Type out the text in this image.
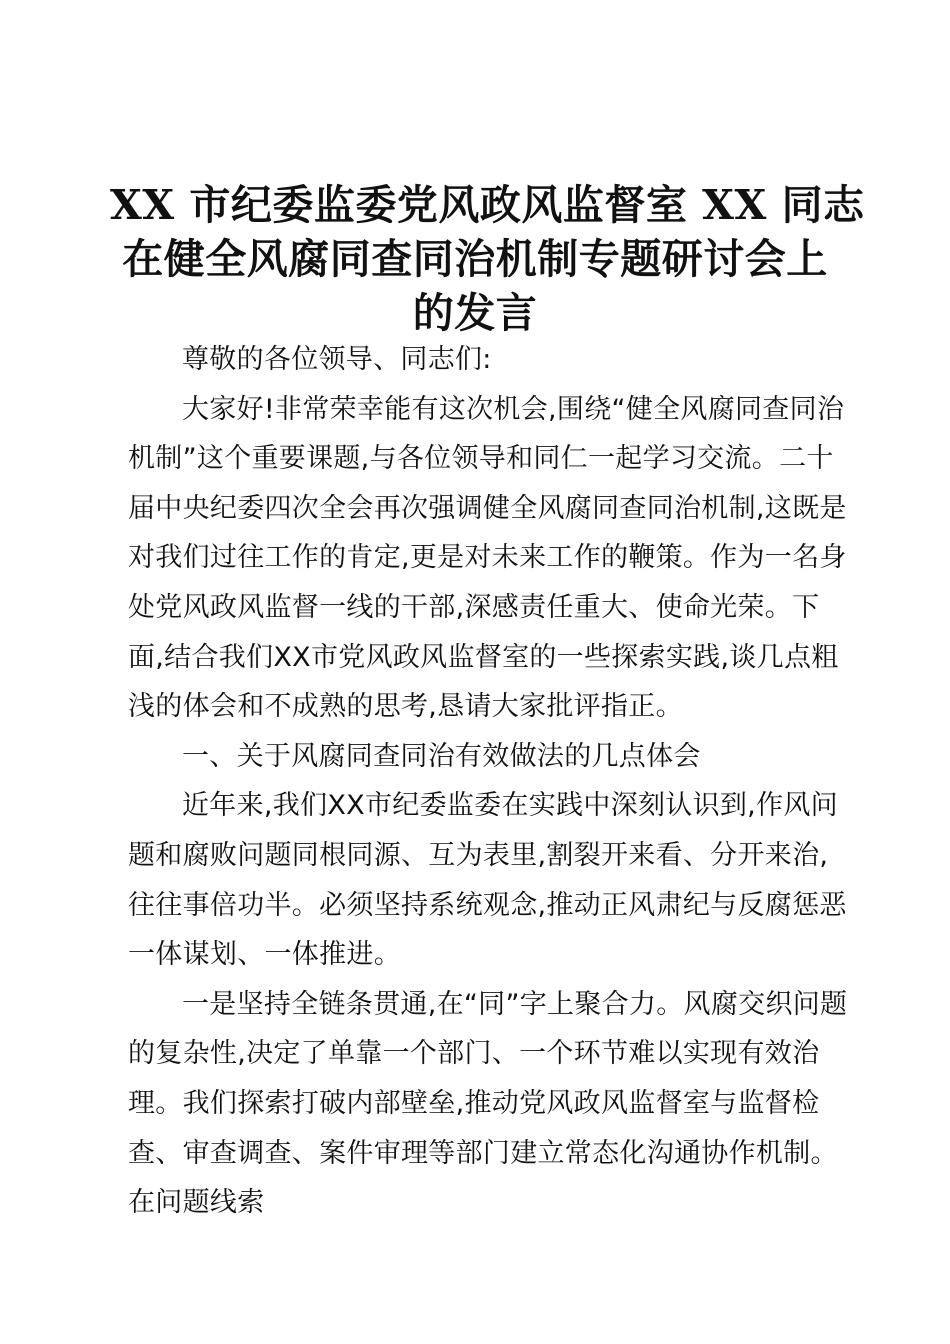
XX 市纪委监委党风政风监督室 XX 同志
在健全风腐同查同治机制专题研讨会上
的发言

尊敬的各位领导、同志们:

大家好!非常荣幸能有这次机会,围绕“健全风腐同查同治机制”这个重要课题,与各位领导和同仁一起学习交流。二十届中央纪委四次全会再次强调健全风腐同查同治机制,这既是对我们过往工作的肯定,更是对未来工作的鞭策。作为一名身处党风政风监督一线的干部,深感责任重大、使命光荣。下面,结合我们XX市党风政风监督室的一些探索实践,谈几点粗浅的体会和不成熟的思考,恳请大家批评指正。

一、关于风腐同查同治有效做法的几点体会

近年来,我们XX市纪委监委在实践中深刻认识到,作风问题和腐败问题同根同源、互为表里,割裂开来看、分开来治,往往事倍功半。必须坚持系统观念,推动正风肃纪与反腐惩恶一体谋划、一体推进。

一是坚持全链条贯通,在“同”字上聚合力。风腐交织问题的复杂性,决定了单靠一个部门、一个环节难以实现有效治理。我们探索打破内部壁垒,推动党风政风监督室与监督检查、审查调查、案件审理等部门建立常态化沟通协作机制。在问题线索
